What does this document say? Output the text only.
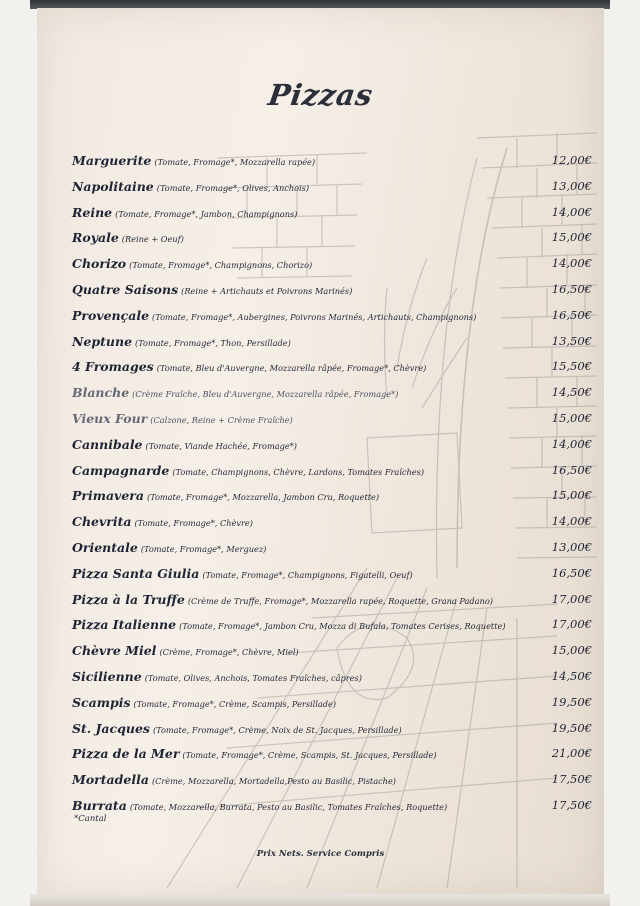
Pizzas
Marguerite (Tomate, Fromage*, Mozzarella rapée)	12,00€
Napolitaine (Tomate, Fromage*, Olives, Anchois)	13,00€
Reine (Tomate, Fromage*, Jambon, Champignons)	14,00€
Royale (Reine + Oeuf)	15,00€
Chorizo (Tomate, Fromage*, Champignons, Chorizo)	14,00€
Quatre Saisons (Reine + Artichauts et Poivrons Marinés)	16,50€
Provençale (Tomate, Fromage*, Aubergines, Poivrons Marinés, Artichauts, Champignons)	16,50€
Neptune (Tomate, Fromage*, Thon, Persillade)	13,50€
4 Fromages (Tomate, Bleu d'Auvergne, Mozzarella râpée, Fromage*, Chèvre)	15,50€
Blanche (Crème Fraîche, Bleu d'Auvergne, Mozzarella râpée, Fromage*)	14,50€
Vieux Four (Calzone, Reine + Crème Fraîche)	15,00€
Cannibale (Tomate, Viande Hachée, Fromage*)	14,00€
Campagnarde (Tomate, Champignons, Chèvre, Lardons, Tomates Fraîches)	16,50€
Primavera (Tomate, Fromage*, Mozzarella, Jambon Cru, Roquette)	15,00€
Chevrita (Tomate, Fromage*, Chèvre)	14,00€
Orientale (Tomate, Fromage*, Merguez)	13,00€
Pizza Santa Giulia (Tomate, Fromage*, Champignons, Figatelli, Oeuf)	16,50€
Pizza à la Truffe (Crème de Truffe, Fromage*, Mozzarella rapée, Roquette, Grana Padano)	17,00€
Pizza Italienne (Tomate, Fromage*, Jambon Cru, Mozza di Bufala, Tomates Cerises, Roquette)	17,00€
Chèvre Miel (Crème, Fromage*, Chèvre, Miel)	15,00€
Sicilienne (Tomate, Olives, Anchois, Tomates Fraîches, câpres)	14,50€
Scampis (Tomate, Fromage*, Crème, Scampis, Persillade)	19,50€
St. Jacques (Tomate, Fromage*, Crème, Noix de St. Jacques, Persillade)	19,50€
Pizza de la Mer (Tomate, Fromage*, Crème, Scampis, St. Jacques, Persillade)	21,00€
Mortadella (Crème, Mozzarella, Mortadella,Pesto au Basilic, Pistache)	17,50€
Burrata (Tomate, Mozzarella, Burrata, Pesto au Basilic, Tomates Fraîches, Roquette)	17,50€
*Cantal
Prix Nets. Service Compris
